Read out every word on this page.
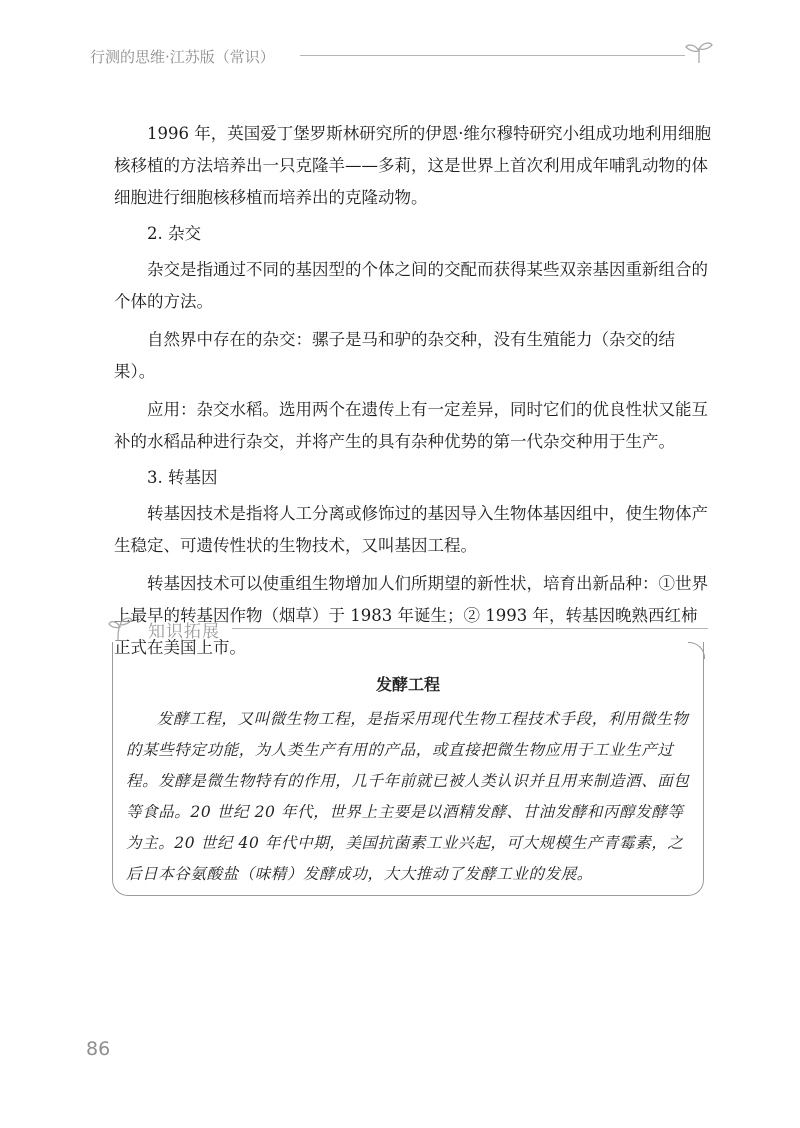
行测的思维·江苏版（常识）

1996 年，英国爱丁堡罗斯林研究所的伊恩·维尔穆特研究小组成功地利用细胞核移植的方法培养出一只克隆羊——多莉，这是世界上首次利用成年哺乳动物的体细胞进行细胞核移植而培养出的克隆动物。

2. 杂交

杂交是指通过不同的基因型的个体之间的交配而获得某些双亲基因重新组合的个体的方法。

自然界中存在的杂交：骡子是马和驴的杂交种，没有生殖能力（杂交的结果）。

应用：杂交水稻。选用两个在遗传上有一定差异，同时它们的优良性状又能互补的水稻品种进行杂交，并将产生的具有杂种优势的第一代杂交种用于生产。

3. 转基因

转基因技术是指将人工分离或修饰过的基因导入生物体基因组中，使生物体产生稳定、可遗传性状的生物技术，又叫基因工程。

转基因技术可以使重组生物增加人们所期望的新性状，培育出新品种：①世界上最早的转基因作物（烟草）于 1983 年诞生；② 1993 年，转基因晚熟西红柿正式在美国上市。

知识拓展
发酵工程

发酵工程，又叫微生物工程，是指采用现代生物工程技术手段，利用微生物的某些特定功能，为人类生产有用的产品，或直接把微生物应用于工业生产过程。发酵是微生物特有的作用，几千年前就已被人类认识并且用来制造酒、面包等食品。20 世纪 20 年代，世界上主要是以酒精发酵、甘油发酵和丙醇发酵等为主。20 世纪 40 年代中期，美国抗菌素工业兴起，可大规模生产青霉素，之后日本谷氨酸盐（味精）发酵成功，大大推动了发酵工业的发展。

86
